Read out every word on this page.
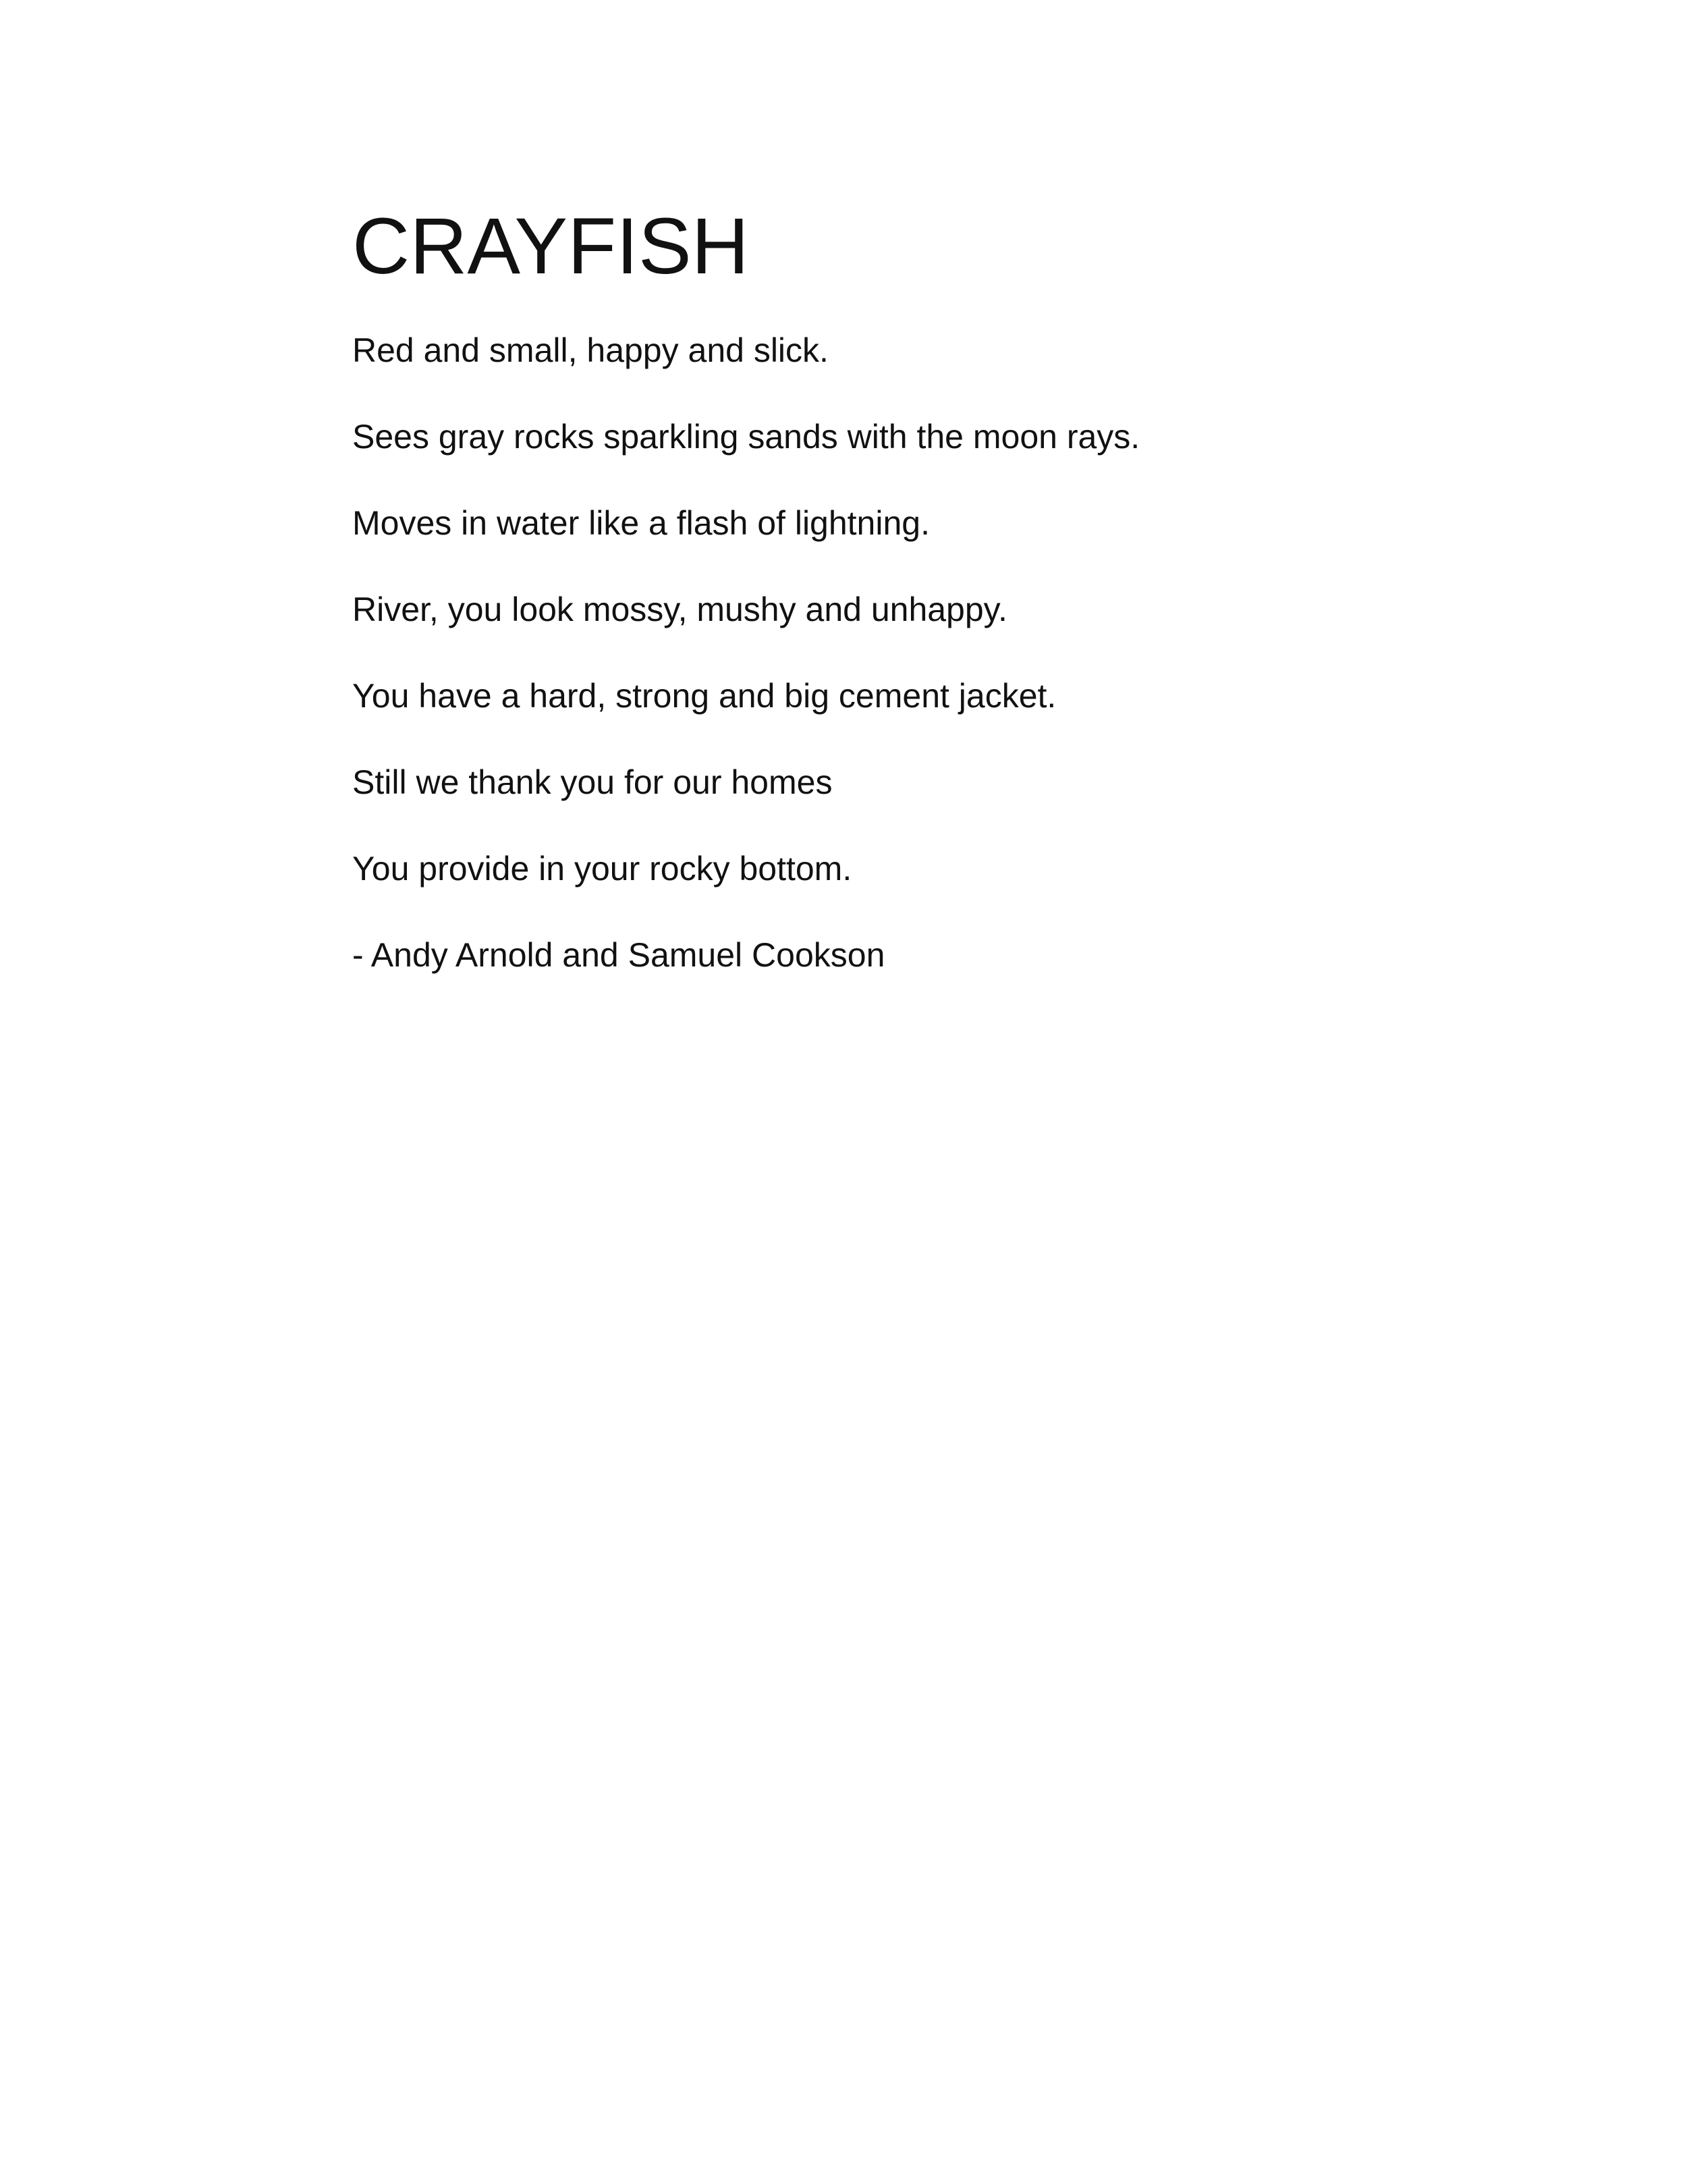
CRAYFISH
Red and small, happy and slick.
Sees gray rocks sparkling sands with the moon rays.
Moves in water like a flash of lightning.
River, you look mossy, mushy and unhappy.
You have a hard, strong and big cement jacket.
Still we thank you for our homes
You provide in your rocky bottom.
- Andy Arnold and Samuel Cookson
